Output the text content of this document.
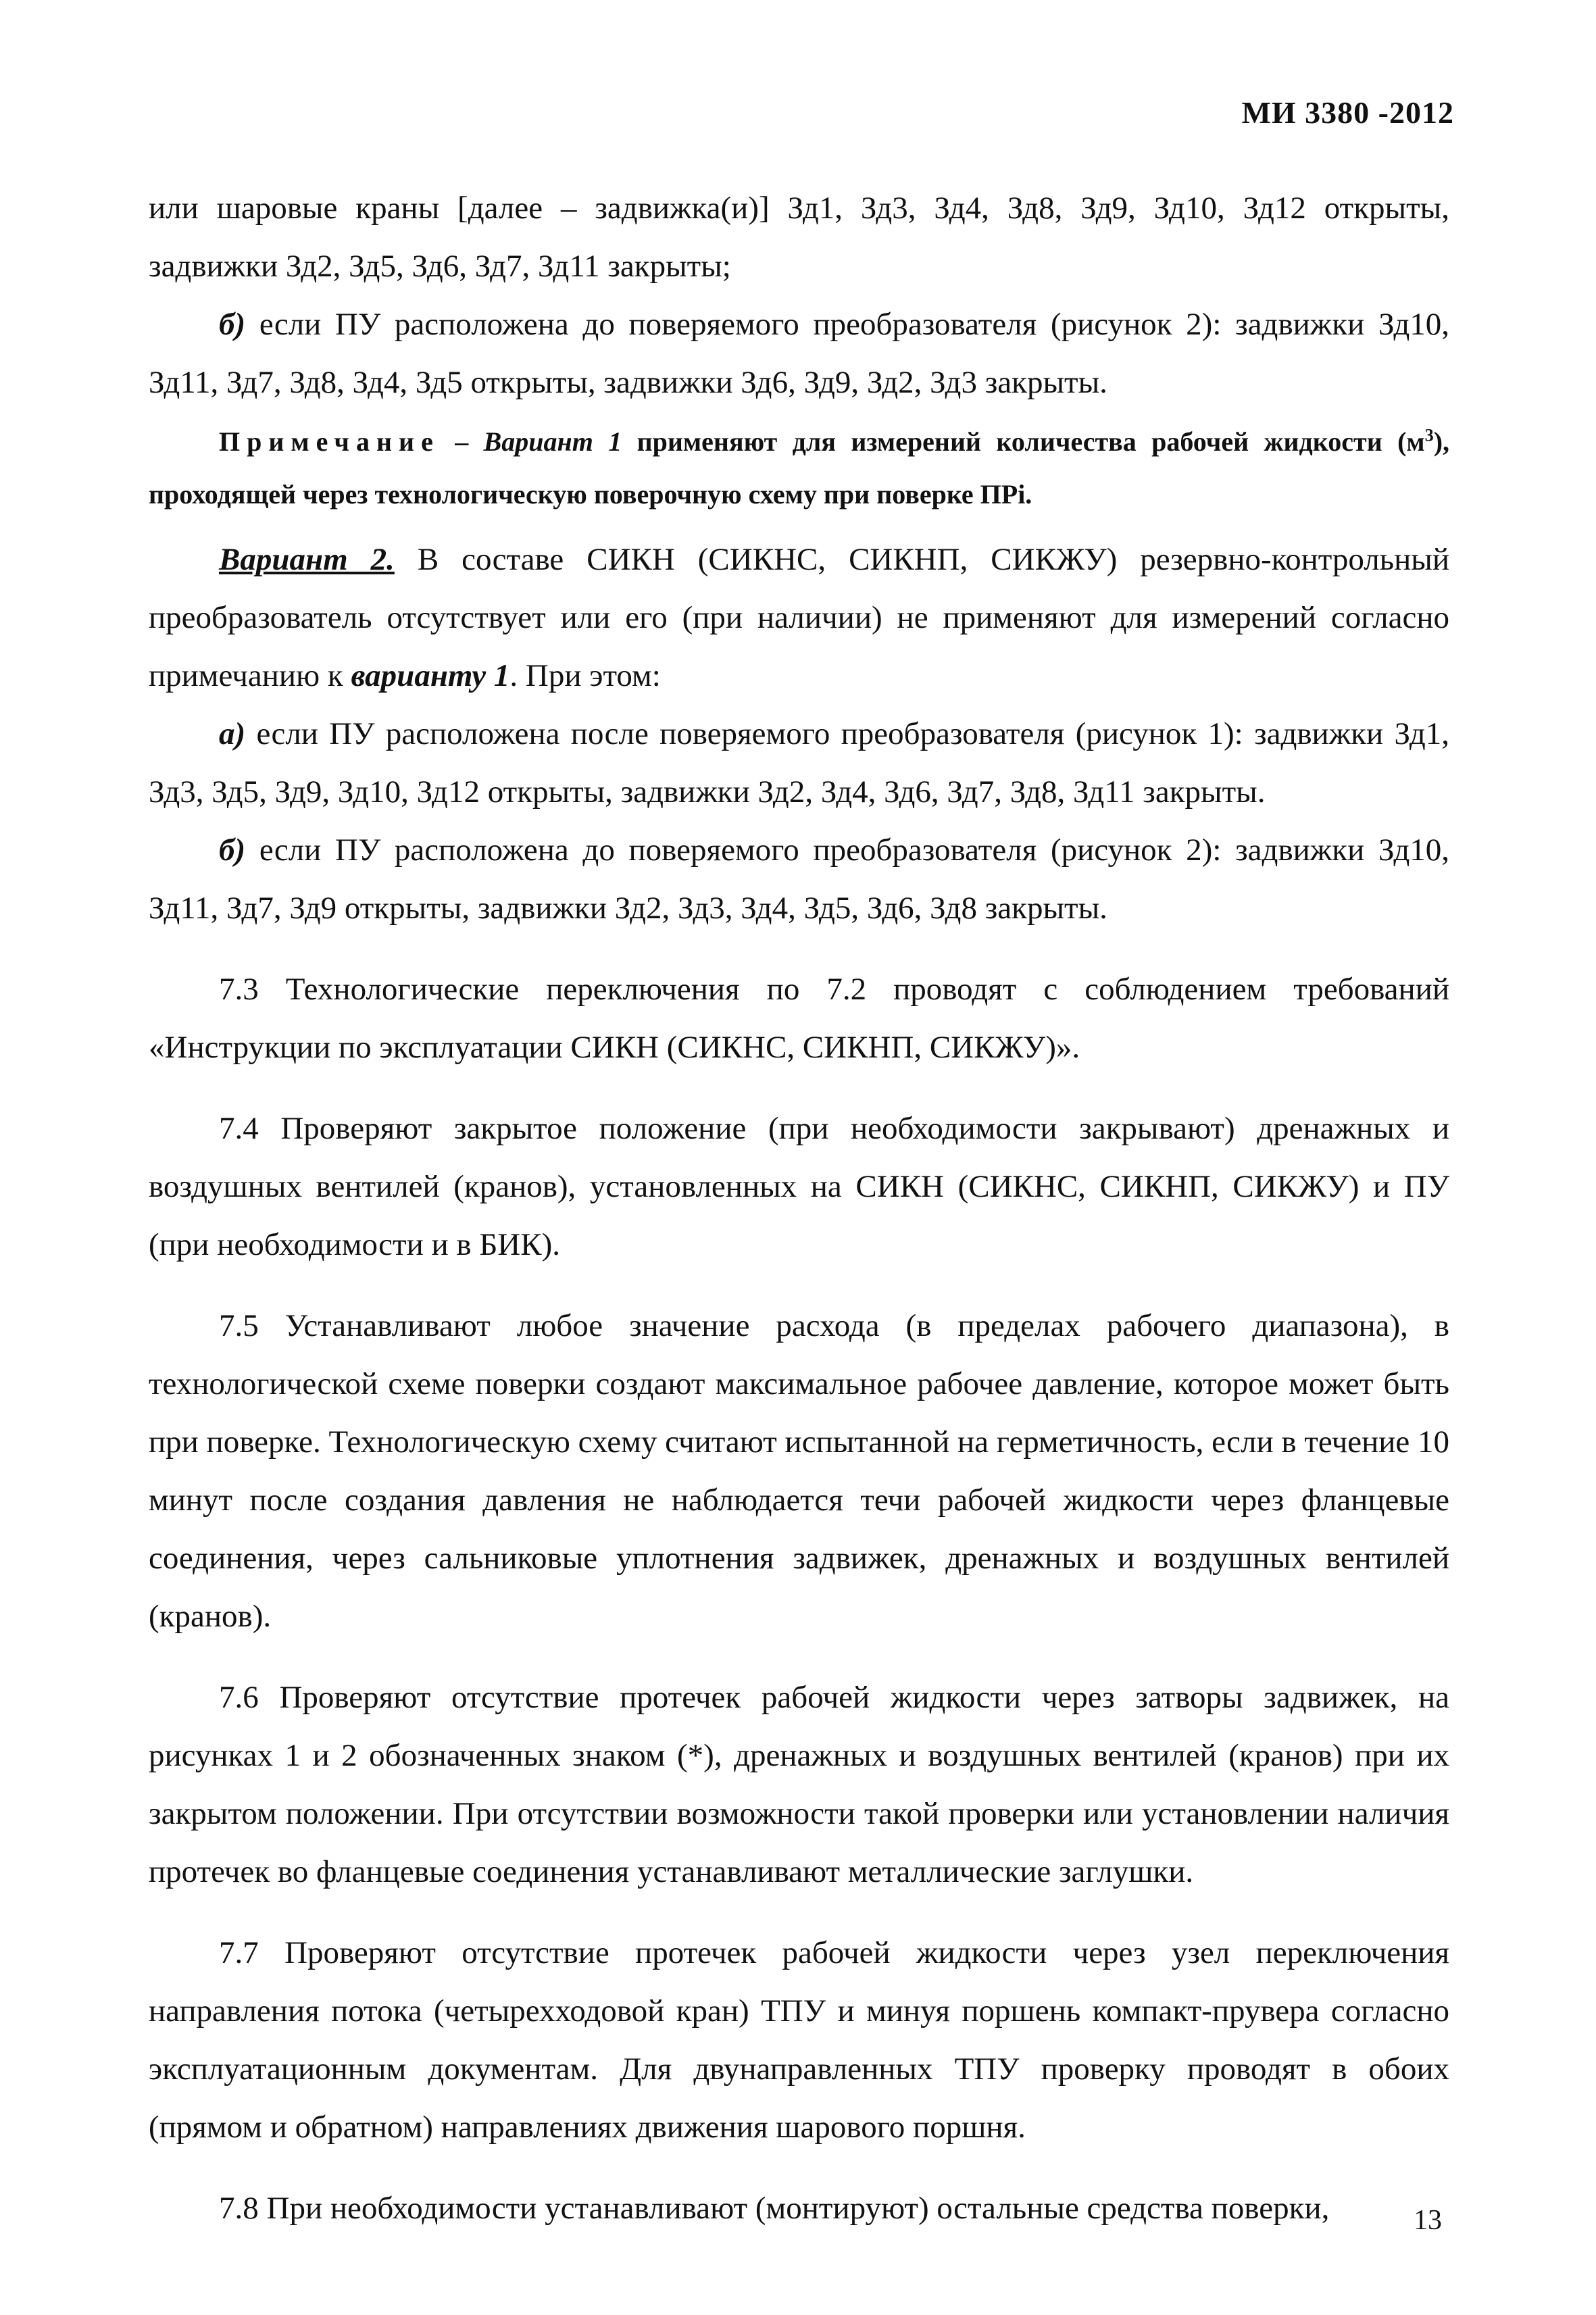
МИ 3380 -2012

или шаровые краны [далее – задвижка(и)] Зд1, Зд3, Зд4, Зд8, Зд9, Зд10, Зд12 открыты, задвижки Зд2, Зд5, Зд6, Зд7, Зд11 закрыты;

б) если ПУ расположена до поверяемого преобразователя (рисунок 2): задвижки Зд10, Зд11, Зд7, Зд8, Зд4, Зд5 открыты, задвижки Зд6, Зд9, Зд2, Зд3 закрыты.

Примечание – Вариант 1 применяют для измерений количества рабочей жидкости $(м^3)$, проходящей через технологическую поверочную схему при поверке ПРi.

Вариант 2. В составе СИКН (СИКНС, СИКНП, СИКЖУ) резервно-контрольный преобразователь отсутствует или его (при наличии) не применяют для измерений согласно примечанию к варианту 1. При этом:

а) если ПУ расположена после поверяемого преобразователя (рисунок 1): задвижки Зд1, Зд3, Зд5, Зд9, Зд10, Зд12 открыты, задвижки Зд2, Зд4, Зд6, Зд7, Зд8, Зд11 закрыты.

б) если ПУ расположена до поверяемого преобразователя (рисунок 2): задвижки Зд10, Зд11, Зд7, Зд9 открыты, задвижки Зд2, Зд3, Зд4, Зд5, Зд6, Зд8 закрыты.

7.3 Технологические переключения по 7.2 проводят с соблюдением требований «Инструкции по эксплуатации СИКН (СИКНС, СИКНП, СИКЖУ)».

7.4 Проверяют закрытое положение (при необходимости закрывают) дренажных и воздушных вентилей (кранов), установленных на СИКН (СИКНС, СИКНП, СИКЖУ) и ПУ (при необходимости и в БИК).

7.5 Устанавливают любое значение расхода (в пределах рабочего диапазона), в технологической схеме поверки создают максимальное рабочее давление, которое может быть при поверке. Технологическую схему считают испытанной на герметичность, если в течение 10 минут после создания давления не наблюдается течи рабочей жидкости через фланцевые соединения, через сальниковые уплотнения задвижек, дренажных и воздушных вентилей (кранов).

7.6 Проверяют отсутствие протечек рабочей жидкости через затворы задвижек, на рисунках 1 и 2 обозначенных знаком (*), дренажных и воздушных вентилей (кранов) при их закрытом положении. При отсутствии возможности такой проверки или установлении наличия протечек во фланцевые соединения устанавливают металлические заглушки.

7.7 Проверяют отсутствие протечек рабочей жидкости через узел переключения направления потока (четырехходовой кран) ТПУ и минуя поршень компакт-прувера согласно эксплуатационным документам. Для двунаправленных ТПУ проверку проводят в обоих (прямом и обратном) направлениях движения шарового поршня.

7.8 При необходимости устанавливают (монтируют) остальные средства поверки,	13
